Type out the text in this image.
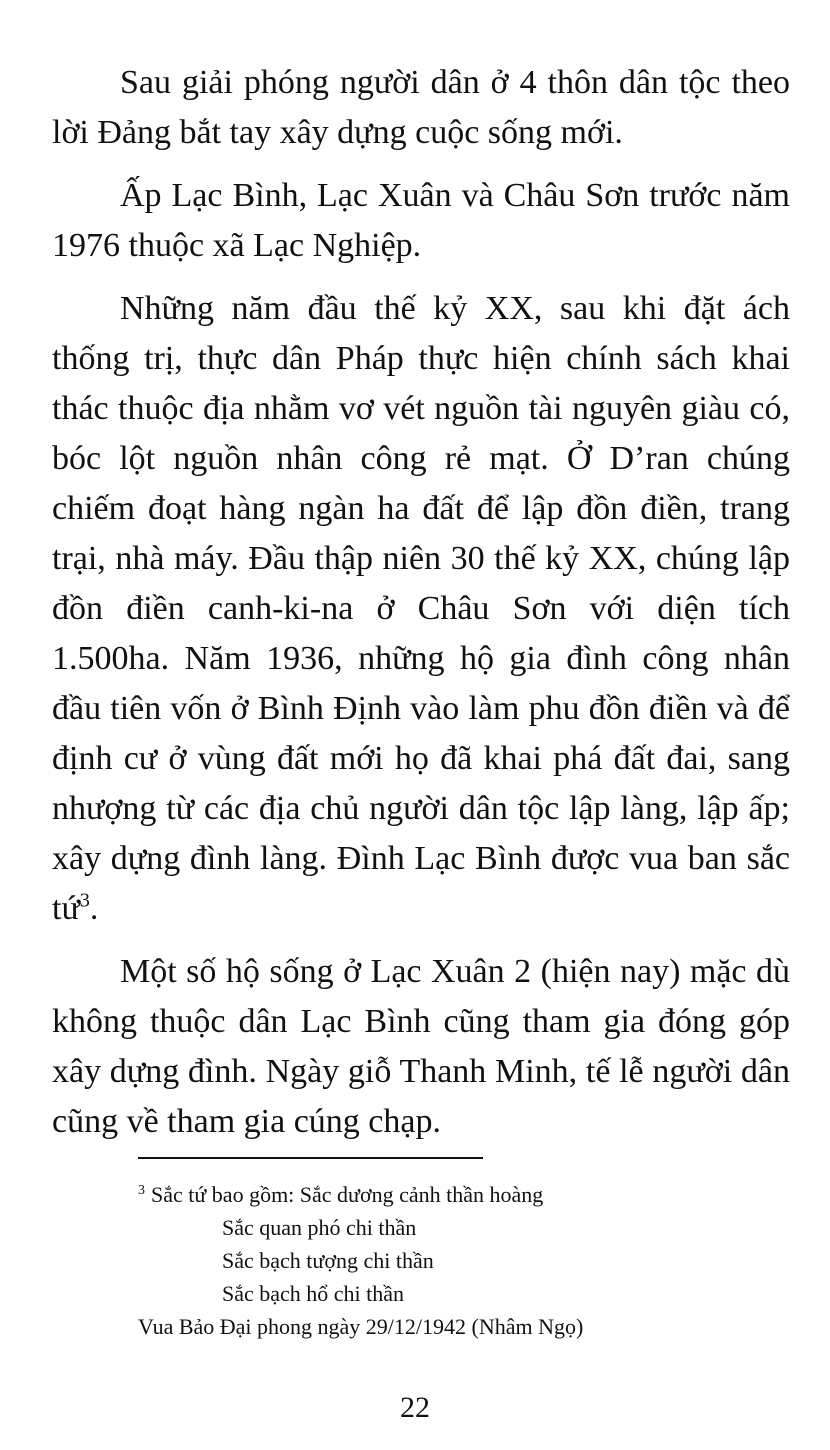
Sau giải phóng người dân ở 4 thôn dân tộc theo lời Đảng bắt tay xây dựng cuộc sống mới.

Ấp Lạc Bình, Lạc Xuân và Châu Sơn trước năm 1976 thuộc xã Lạc Nghiệp.

Những năm đầu thế kỷ XX, sau khi đặt ách thống trị, thực dân Pháp thực hiện chính sách khai thác thuộc địa nhằm vơ vét nguồn tài nguyên giàu có, bóc lột nguồn nhân công rẻ mạt. Ở D’ran chúng chiếm đoạt hàng ngàn ha đất để lập đồn điền, trang trại, nhà máy. Đầu thập niên 30 thế kỷ XX, chúng lập đồn điền canh-ki-na ở Châu Sơn với diện tích 1.500ha. Năm 1936, những hộ gia đình công nhân đầu tiên vốn ở Bình Định vào làm phu đồn điền và để định cư ở vùng đất mới họ đã khai phá đất đai, sang nhượng từ các địa chủ người dân tộc lập làng, lập ấp; xây dựng đình làng. Đình Lạc Bình được vua ban sắc tứ$^3$.

Một số hộ sống ở Lạc Xuân 2 (hiện nay) mặc dù không thuộc dân Lạc Bình cũng tham gia đóng góp xây dựng đình. Ngày giỗ Thanh Minh, tế lễ người dân cũng về tham gia cúng chạp.

$^3$ Sắc tứ bao gồm: Sắc dương cảnh thần hoàng

Sắc quan phó chi thần

Sắc bạch tượng chi thần

Sắc bạch hổ chi thần

Vua Bảo Đại phong ngày 29/12/1942 (Nhâm Ngọ)

22
